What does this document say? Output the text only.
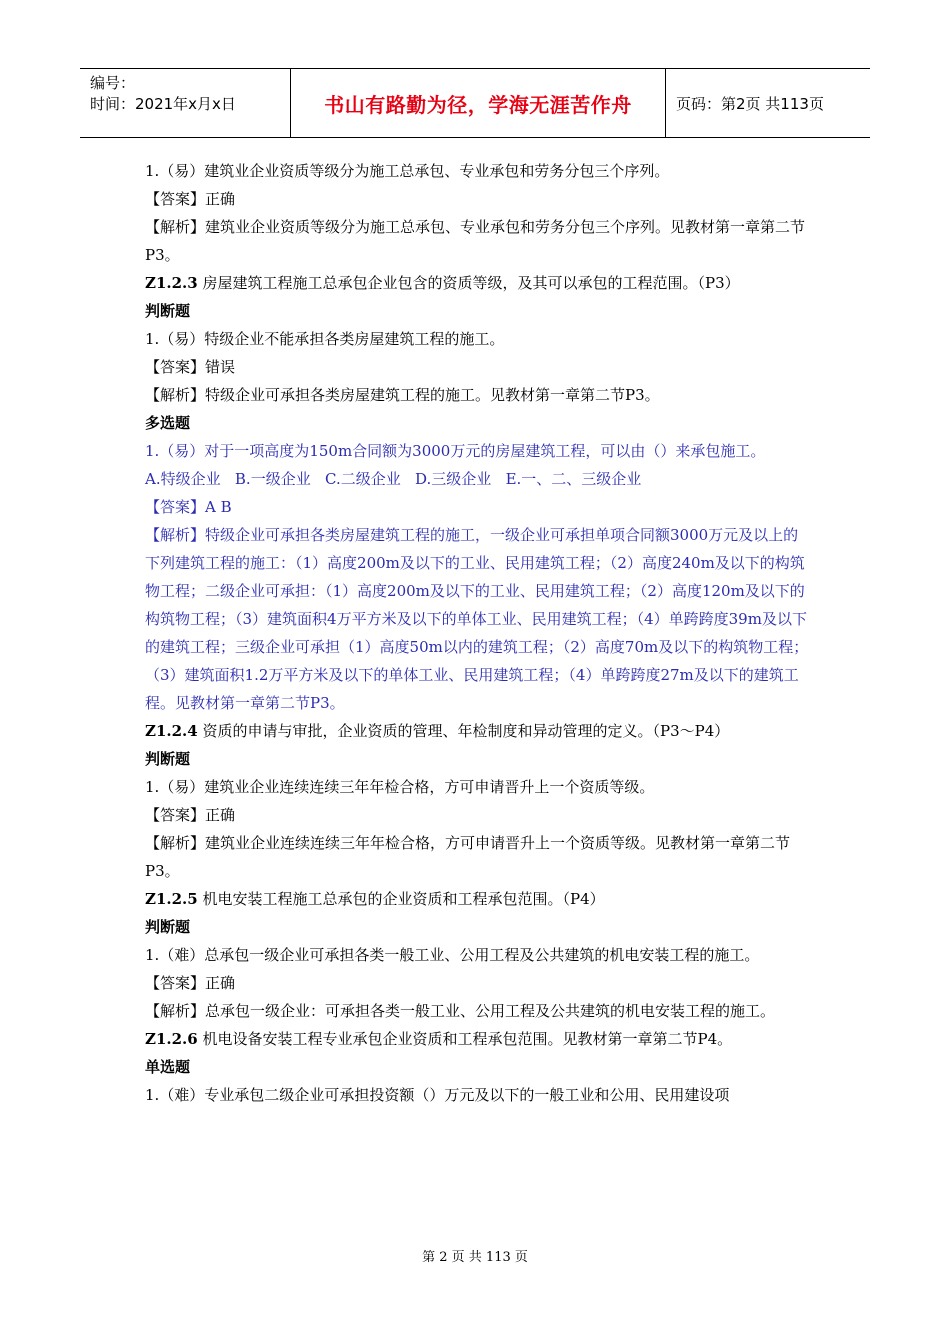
编号：
时间：2021年x月x日	书山有路勤为径，学海无涯苦作舟	页码：第2页 共113页

1.（易）建筑业企业资质等级分为施工总承包、专业承包和劳务分包三个序列。

【答案】正确

【解析】建筑业企业资质等级分为施工总承包、专业承包和劳务分包三个序列。见教材第一章第二节P3。

Z1.2.3 房屋建筑工程施工总承包企业包含的资质等级，及其可以承包的工程范围。（P3）

判断题

1.（易）特级企业不能承担各类房屋建筑工程的施工。

【答案】错误

【解析】特级企业可承担各类房屋建筑工程的施工。见教材第一章第二节P3。

多选题

1.（易）对于一项高度为150m合同额为3000万元的房屋建筑工程，可以由（）来承包施工。

A.特级企业   B.一级企业   C.二级企业   D.三级企业   E.一、二、三级企业

【答案】A B

【解析】特级企业可承担各类房屋建筑工程的施工，一级企业可承担单项合同额3000万元及以上的下列建筑工程的施工：（1）高度200m及以下的工业、民用建筑工程；（2）高度240m及以下的构筑物工程；二级企业可承担：（1）高度200m及以下的工业、民用建筑工程；（2）高度120m及以下的构筑物工程；（3）建筑面积4万平方米及以下的单体工业、民用建筑工程；（4）单跨跨度39m及以下的建筑工程；三级企业可承担（1）高度50m以内的建筑工程；（2）高度70m及以下的构筑物工程；（3）建筑面积1.2万平方米及以下的单体工业、民用建筑工程；（4）单跨跨度27m及以下的建筑工程。见教材第一章第二节P3。

Z1.2.4 资质的申请与审批，企业资质的管理、年检制度和异动管理的定义。（P3～P4）

判断题

1.（易）建筑业企业连续连续三年年检合格，方可申请晋升上一个资质等级。

【答案】正确

【解析】建筑业企业连续连续三年年检合格，方可申请晋升上一个资质等级。见教材第一章第二节P3。

Z1.2.5 机电安装工程施工总承包的企业资质和工程承包范围。（P4）

判断题

1.（难）总承包一级企业可承担各类一般工业、公用工程及公共建筑的机电安装工程的施工。

【答案】正确

【解析】总承包一级企业：可承担各类一般工业、公用工程及公共建筑的机电安装工程的施工。

Z1.2.6 机电设备安装工程专业承包企业资质和工程承包范围。见教材第一章第二节P4。

单选题

1.（难）专业承包二级企业可承担投资额（）万元及以下的一般工业和公用、民用建设项

第 2 页 共 113 页
